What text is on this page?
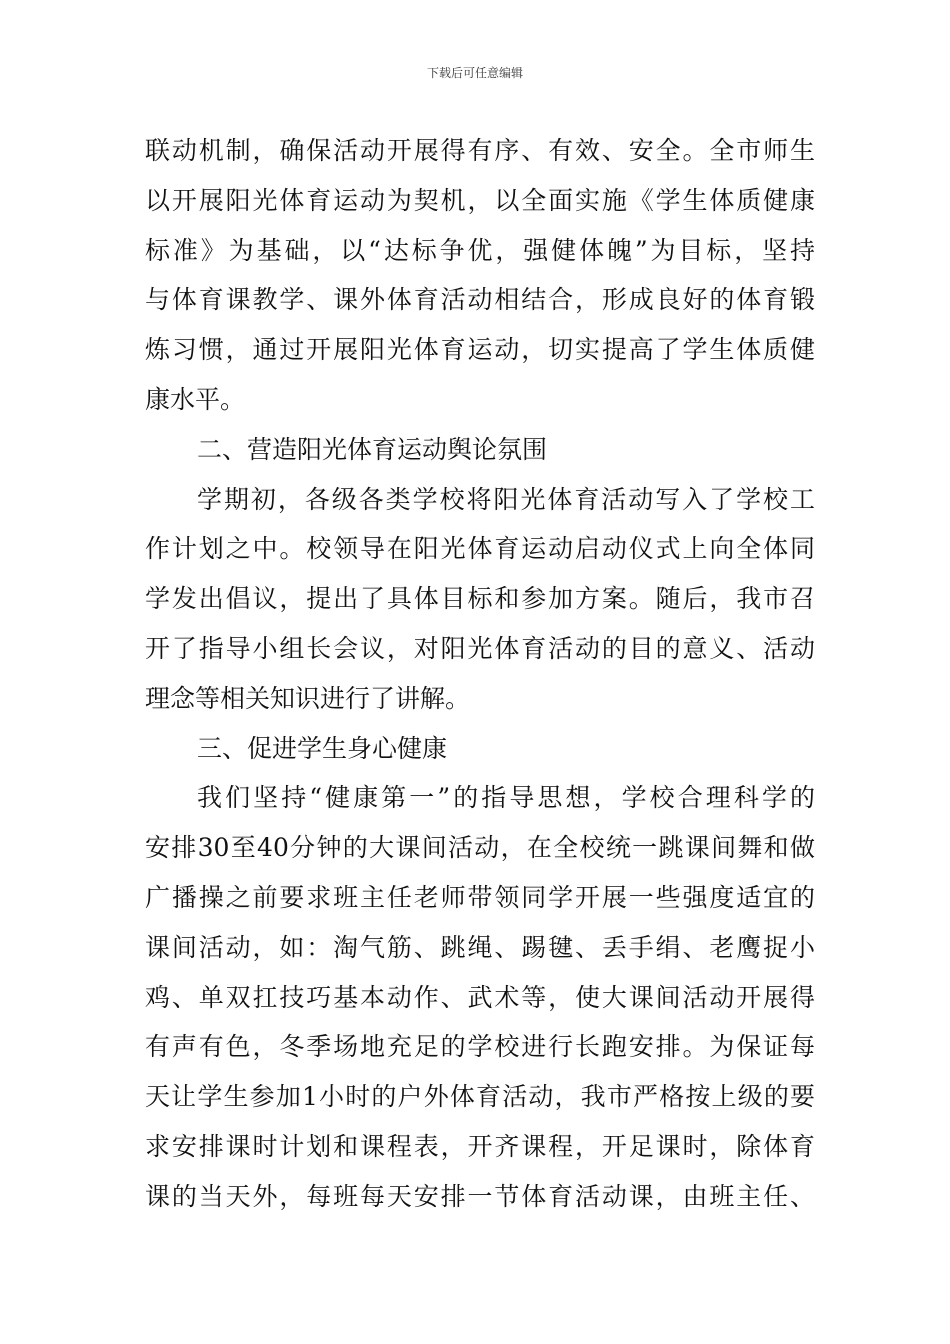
下载后可任意编辑
联动机制，确保活动开展得有序、有效、安全。全市师生
以开展阳光体育运动为契机，以全面实施《学生体质健康
标准》为基础，以“达标争优，强健体魄”为目标，坚持
与体育课教学、课外体育活动相结合，形成良好的体育锻
炼习惯，通过开展阳光体育运动，切实提高了学生体质健
康水平。
二、营造阳光体育运动舆论氛围
学期初，各级各类学校将阳光体育活动写入了学校工
作计划之中。校领导在阳光体育运动启动仪式上向全体同
学发出倡议，提出了具体目标和参加方案。随后，我市召
开了指导小组长会议，对阳光体育活动的目的意义、活动
理念等相关知识进行了讲解。
三、促进学生身心健康
我们坚持“健康第一”的指导思想，学校合理科学的
安排30至40分钟的大课间活动，在全校统一跳课间舞和做
广播操之前要求班主任老师带领同学开展一些强度适宜的
课间活动，如：淘气筋、跳绳、踢毽、丢手绢、老鹰捉小
鸡、单双扛技巧基本动作、武术等，使大课间活动开展得
有声有色，冬季场地充足的学校进行长跑安排。为保证每
天让学生参加1小时的户外体育活动，我市严格按上级的要
求安排课时计划和课程表，开齐课程，开足课时，除体育
课的当天外，每班每天安排一节体育活动课，由班主任、
